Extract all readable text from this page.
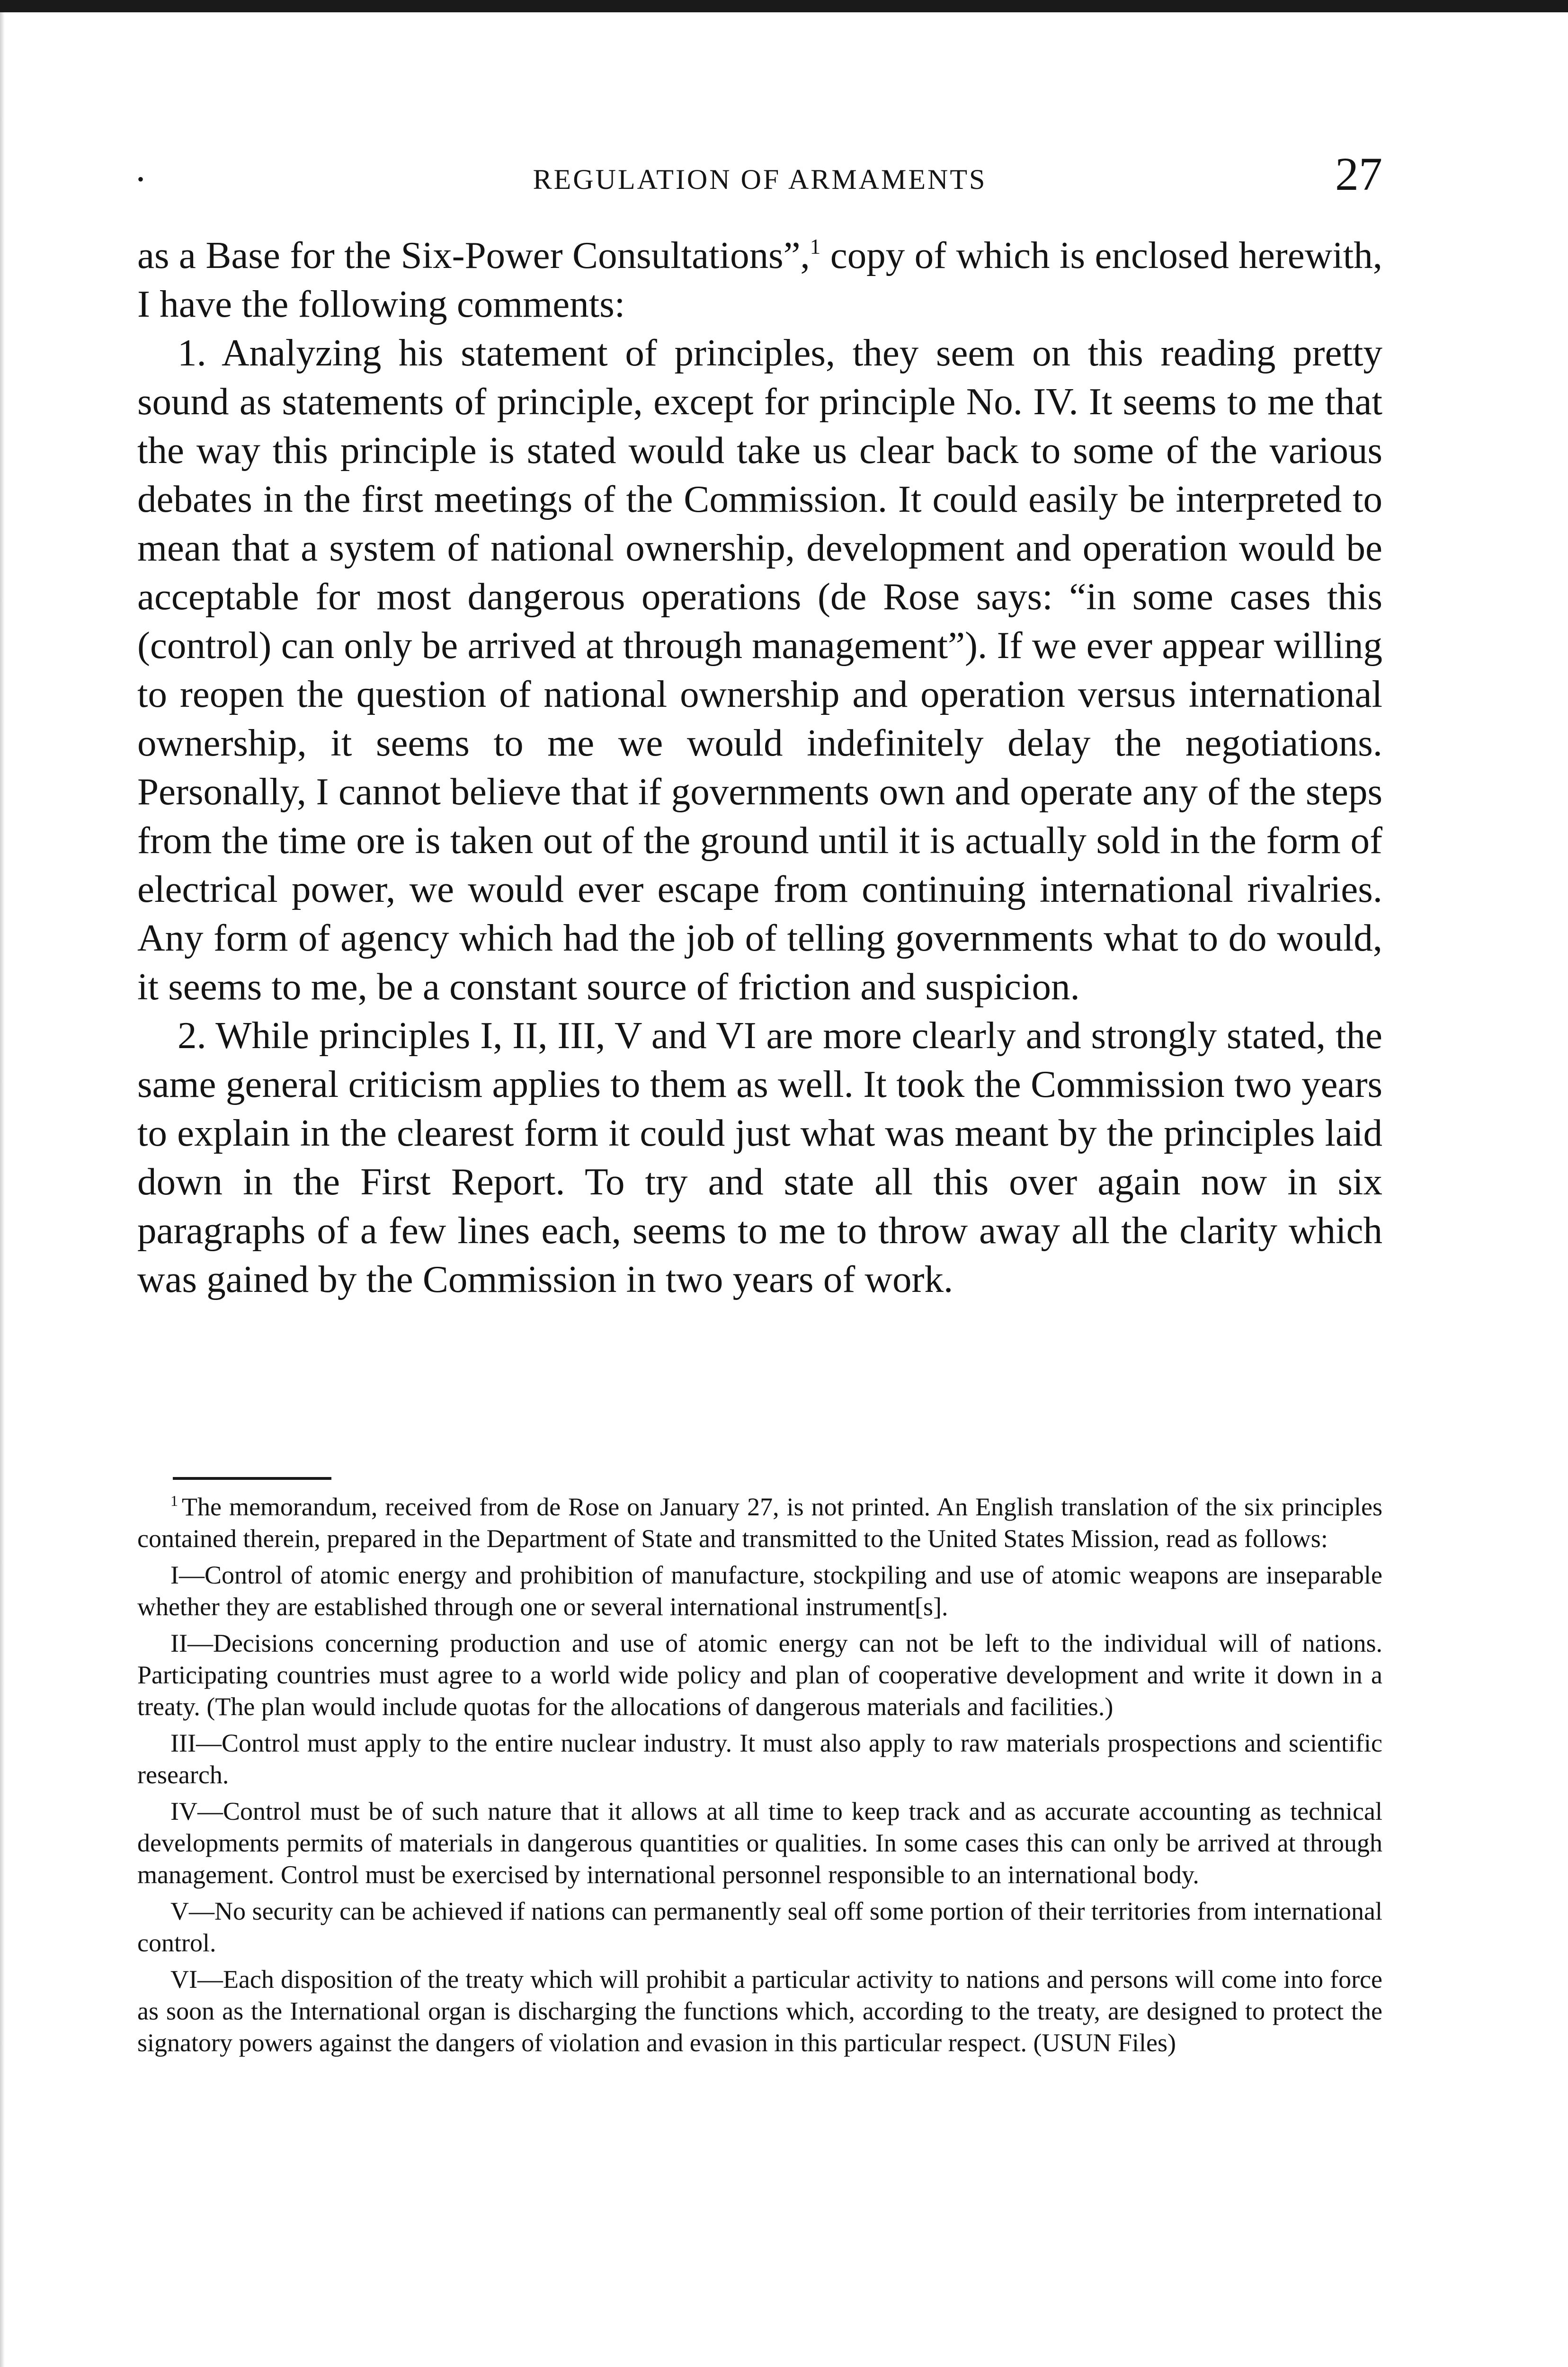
•	REGULATION OF ARMAMENTS	27

as a Base for the Six-Power Consultations”,$^1$ copy of which is enclosed herewith, I have the following comments:

1. Analyzing his statement of principles, they seem on this reading pretty sound as statements of principle, except for principle No. IV. It seems to me that the way this principle is stated would take us clear back to some of the various debates in the first meetings of the Commission. It could easily be interpreted to mean that a system of national ownership, development and operation would be acceptable for most dangerous operations (de Rose says: “in some cases this (control) can only be arrived at through management”). If we ever appear willing to reopen the question of national ownership and operation versus international ownership, it seems to me we would indefinitely delay the negotiations. Personally, I cannot believe that if governments own and operate any of the steps from the time ore is taken out of the ground until it is actually sold in the form of electrical power, we would ever escape from continuing international rivalries. Any form of agency which had the job of telling governments what to do would, it seems to me, be a constant source of friction and suspicion.

2. While principles I, II, III, V and VI are more clearly and strongly stated, the same general criticism applies to them as well. It took the Commission two years to explain in the clearest form it could just what was meant by the principles laid down in the First Report. To try and state all this over again now in six paragraphs of a few lines each, seems to me to throw away all the clarity which was gained by the Commission in two years of work.

$^1$ The memorandum, received from de Rose on January 27, is not printed. An English translation of the six principles contained therein, prepared in the Department of State and transmitted to the United States Mission, read as follows:

I—Control of atomic energy and prohibition of manufacture, stockpiling and use of atomic weapons are inseparable whether they are established through one or several international instrument[s].

II—Decisions concerning production and use of atomic energy can not be left to the individual will of nations. Participating countries must agree to a world wide policy and plan of cooperative development and write it down in a treaty. (The plan would include quotas for the allocations of dangerous materials and facilities.)

III—Control must apply to the entire nuclear industry. It must also apply to raw materials prospections and scientific research.

IV—Control must be of such nature that it allows at all time to keep track and as accurate accounting as technical developments permits of materials in dangerous quantities or qualities. In some cases this can only be arrived at through management. Control must be exercised by international personnel responsible to an international body.

V—No security can be achieved if nations can permanently seal off some portion of their territories from international control.

VI—Each disposition of the treaty which will prohibit a particular activity to nations and persons will come into force as soon as the International organ is discharging the functions which, according to the treaty, are designed to protect the signatory powers against the dangers of violation and evasion in this particular respect. (USUN Files)
